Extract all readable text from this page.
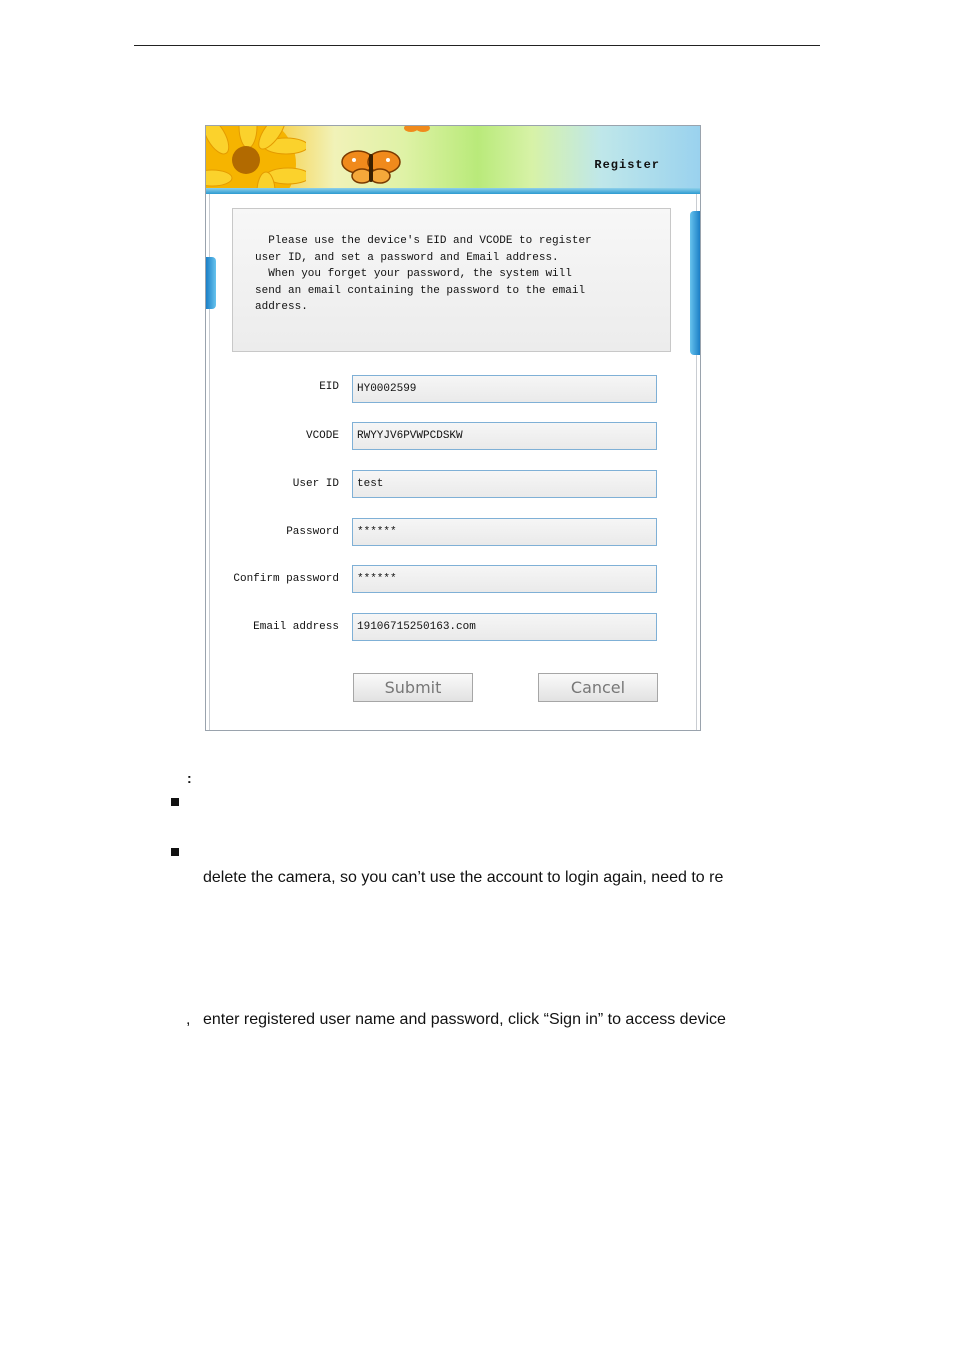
Register
Please use the device's EID and VCODE to register
user ID, and set a password and Email address.
When you forget your password, the system will
send an email containing the password to the email
address.
EID	HY0002599
VCODE	RWYYJV6PVWPCDSKW
User ID	test
Password	******
Confirm password	******
Email address	19106715250163.com
Submit	Cancel
:
delete the camera, so you can’t use the account to login again, need to re
, enter registered user name and password, click “Sign in” to access device
